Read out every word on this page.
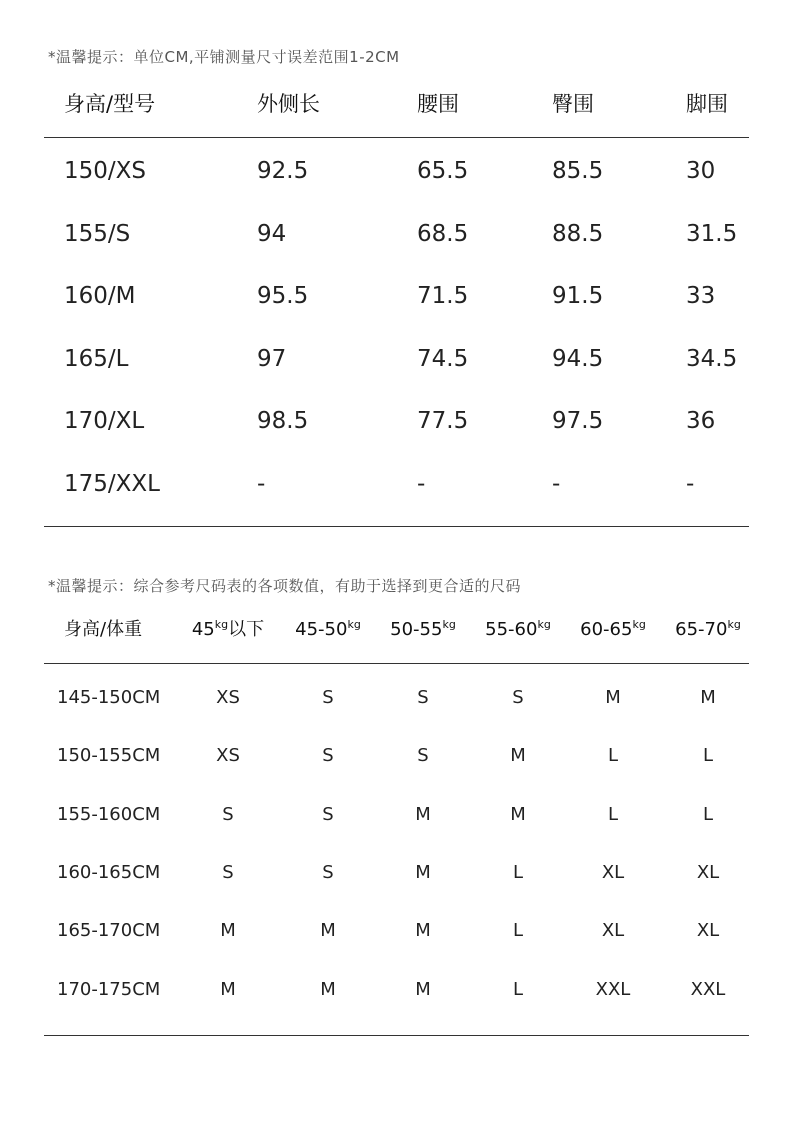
*温馨提示：单位CM,平铺测量尺寸误差范围1-2CM
身高/型号	外侧长	腰围	臀围	脚围
150/XS	92.5	65.5	85.5	30
155/S	94	68.5	88.5	31.5
160/M	95.5	71.5	91.5	33
165/L	97	74.5	94.5	34.5
170/XL	98.5	77.5	97.5	36
175/XXL	-	-	-	-
*温馨提示：综合参考尺码表的各项数值，有助于选择到更合适的尺码
身高/体重	$45^{kg}$以下	$45-50^{kg}$	$50-55^{kg}$	$55-60^{kg}$	$60-65^{kg}$	$65-70^{kg}$
145-150CM	XS	S	S	S	M	M
150-155CM	XS	S	S	M	L	L
155-160CM	S	S	M	M	L	L
160-165CM	S	S	M	L	XL	XL
165-170CM	M	M	M	L	XL	XL
170-175CM	M	M	M	L	XXL	XXL
